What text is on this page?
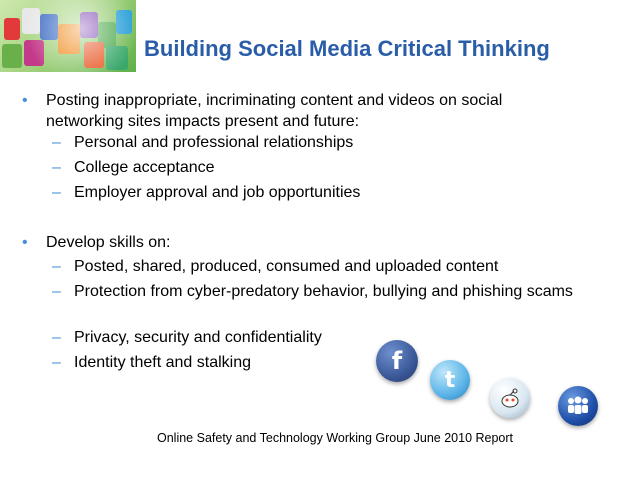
Building Social Media Critical Thinking
• Posting inappropriate, incriminating content and videos on social networking sites impacts present and future:
– Personal and professional relationships
– College acceptance
– Employer approval and job opportunities
• Develop skills on:
– Posted, shared, produced, consumed and uploaded content
– Protection from cyber-predatory behavior, bullying and phishing scams
– Privacy, security and confidentiality
– Identity theft and stalking	f
t
Online Safety and Technology Working Group June 2010 Report
